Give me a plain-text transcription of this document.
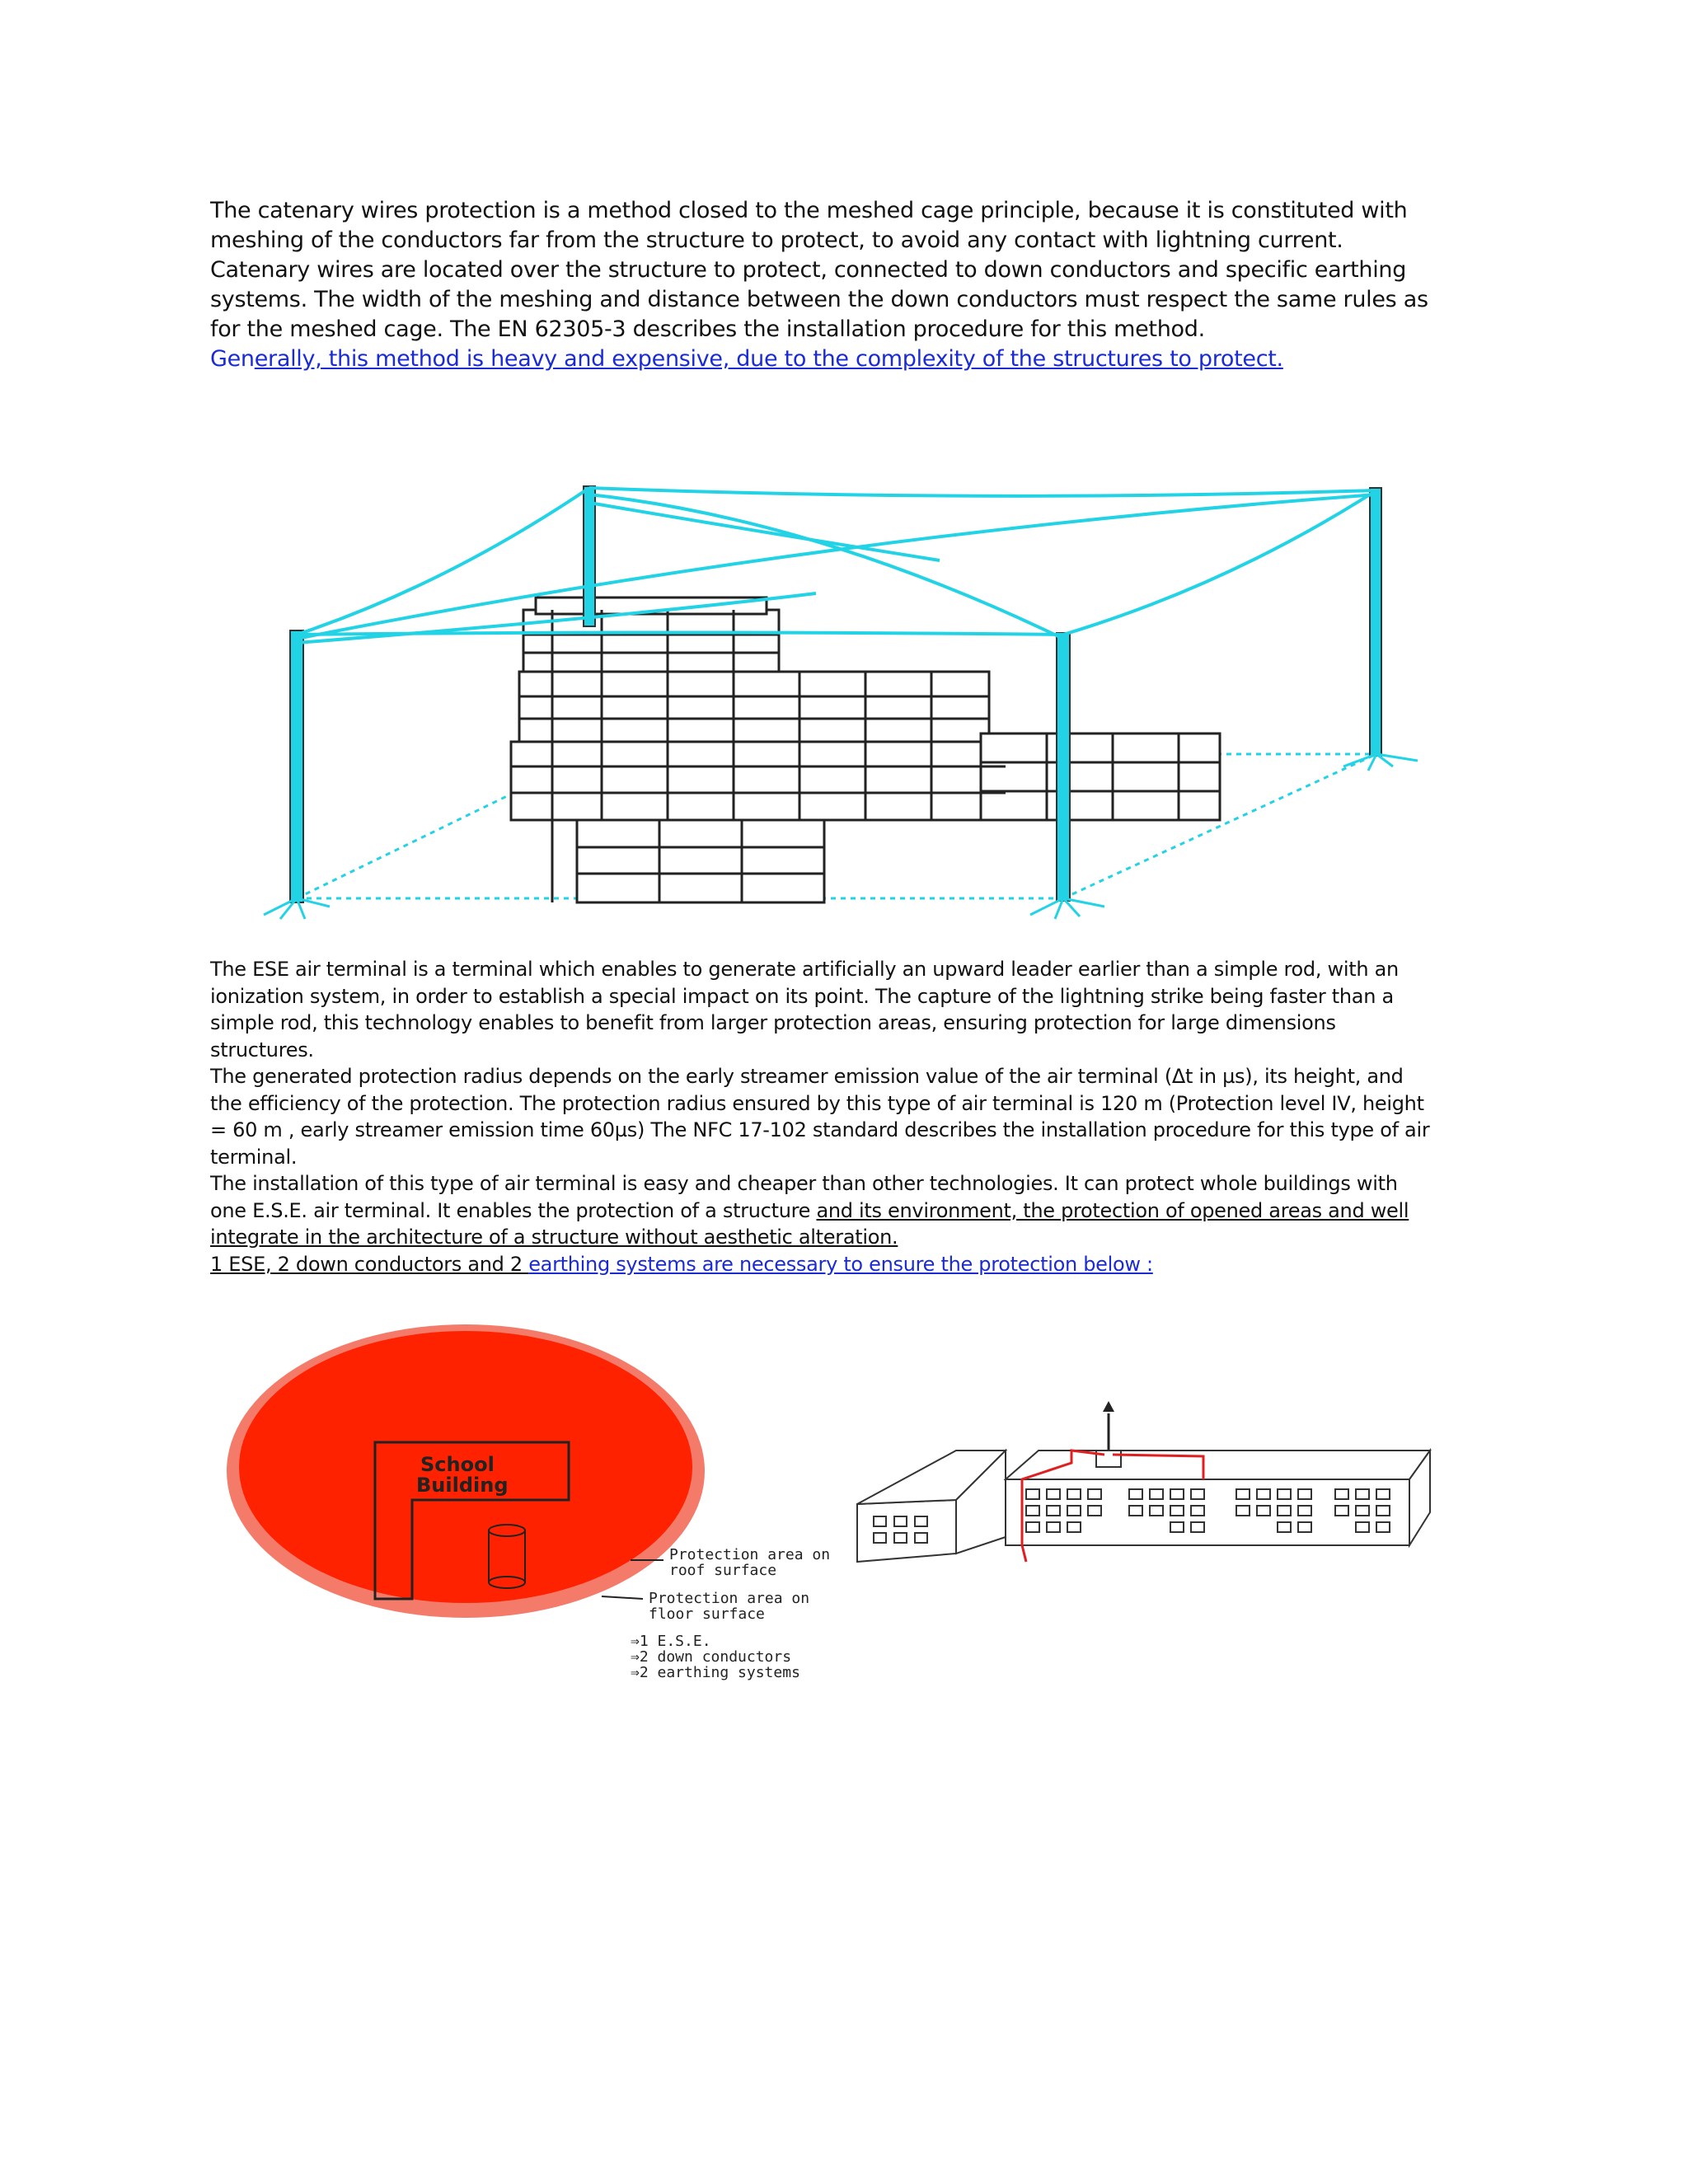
The catenary wires protection is a method closed to the meshed cage principle, because it is constituted with meshing of the conductors far from the structure to protect, to avoid any contact with lightning current.

Catenary wires are located over the structure to protect, connected to down conductors and specific earthing systems. The width of the meshing and distance between the down conductors must respect the same rules as for the meshed cage. The EN 62305-3 describes the installation procedure for this method.

Generally, this method is heavy and expensive, due to the complexity of the structures to protect.

The ESE air terminal is a terminal which enables to generate artificially an upward leader earlier than a simple rod, with an ionization system, in order to establish a special impact on its point. The capture of the lightning strike being faster than a simple rod, this technology enables to benefit from larger protection areas, ensuring protection for large dimensions structures.

The generated protection radius depends on the early streamer emission value of the air terminal (Δt in µs), its height, and the efficiency of the protection. The protection radius ensured by this type of air terminal is 120 m (Protection level IV, height = 60 m , early streamer emission time 60µs) The NFC 17-102 standard describes the installation procedure for this type of air terminal.

The installation of this type of air terminal is easy and cheaper than other technologies. It can protect whole buildings with one E.S.E. air terminal. It enables the protection of a structure and its environment, the protection of opened areas and well integrate in the architecture of a structure without aesthetic alteration.

1 ESE, 2 down conductors and 2 earthing systems are necessary to ensure the protection below :

School
Building
Protection area on
roof surface
Protection area on
floor surface
⇒1 E.S.E.
⇒2 down conductors
⇒2 earthing systems
